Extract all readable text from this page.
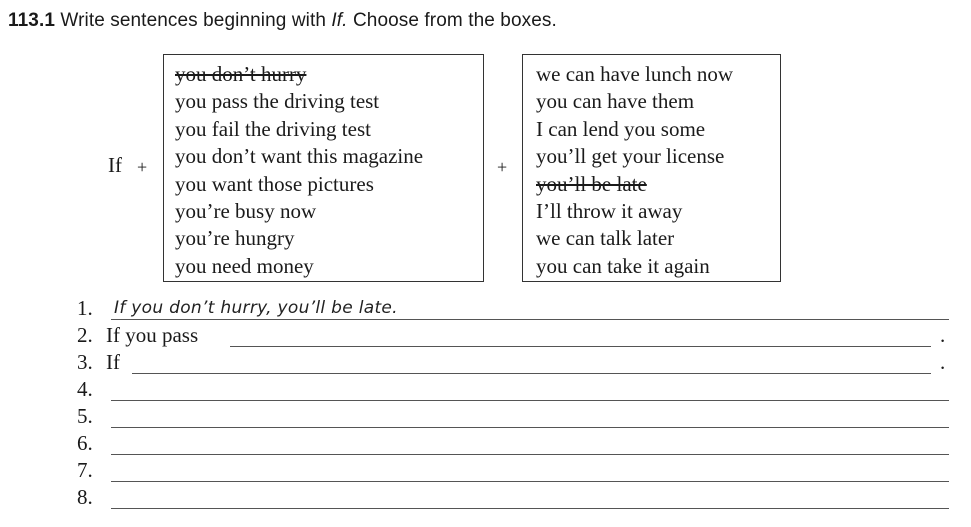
113.1 Write sentences beginning with If. Choose from the boxes.
If +
you don’t hurry
you pass the driving test
you fail the driving test
you don’t want this magazine
you want those pictures
you’re busy now
you’re hungry
you need money
+
we can have lunch now
you can have them
I can lend you some
you’ll get your license
you’ll be late
I’ll throw it away
we can talk later
you can take it again
1. If you don’t hurry, you’ll be late.
2. If you pass	.
3. If	.
4.
5.
6.
7.
8.
